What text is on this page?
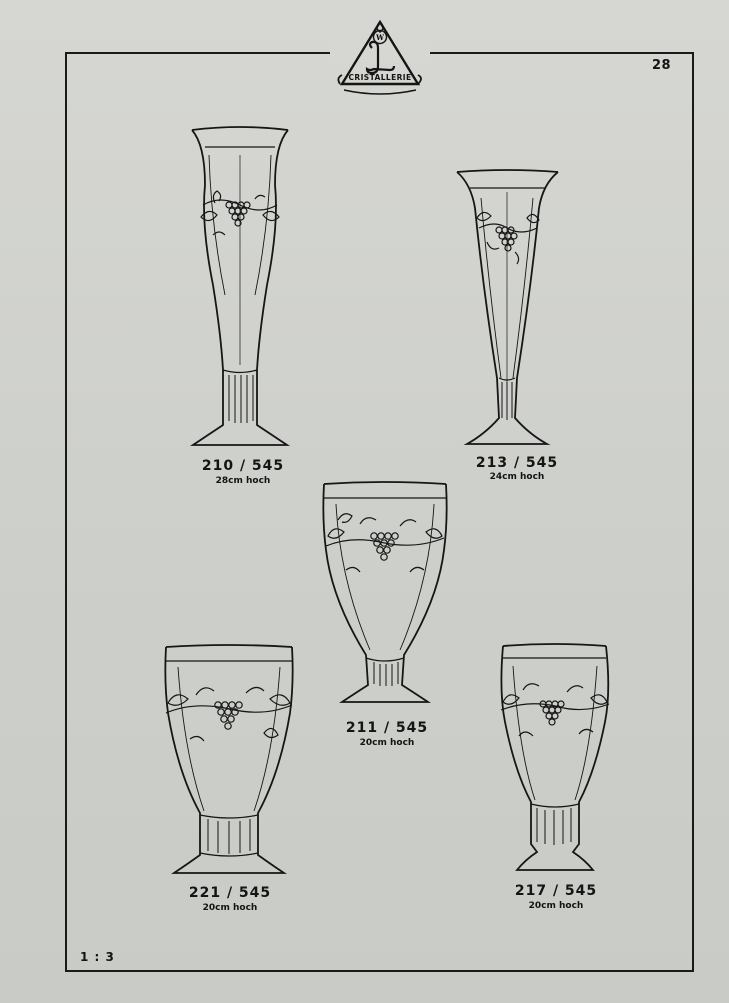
W
CRISTALLERIE
28
1 : 3
210 / 545
28cm hoch
213 / 545
24cm hoch
211 / 545
20cm hoch
221 / 545
20cm hoch
217 / 545
20cm hoch
